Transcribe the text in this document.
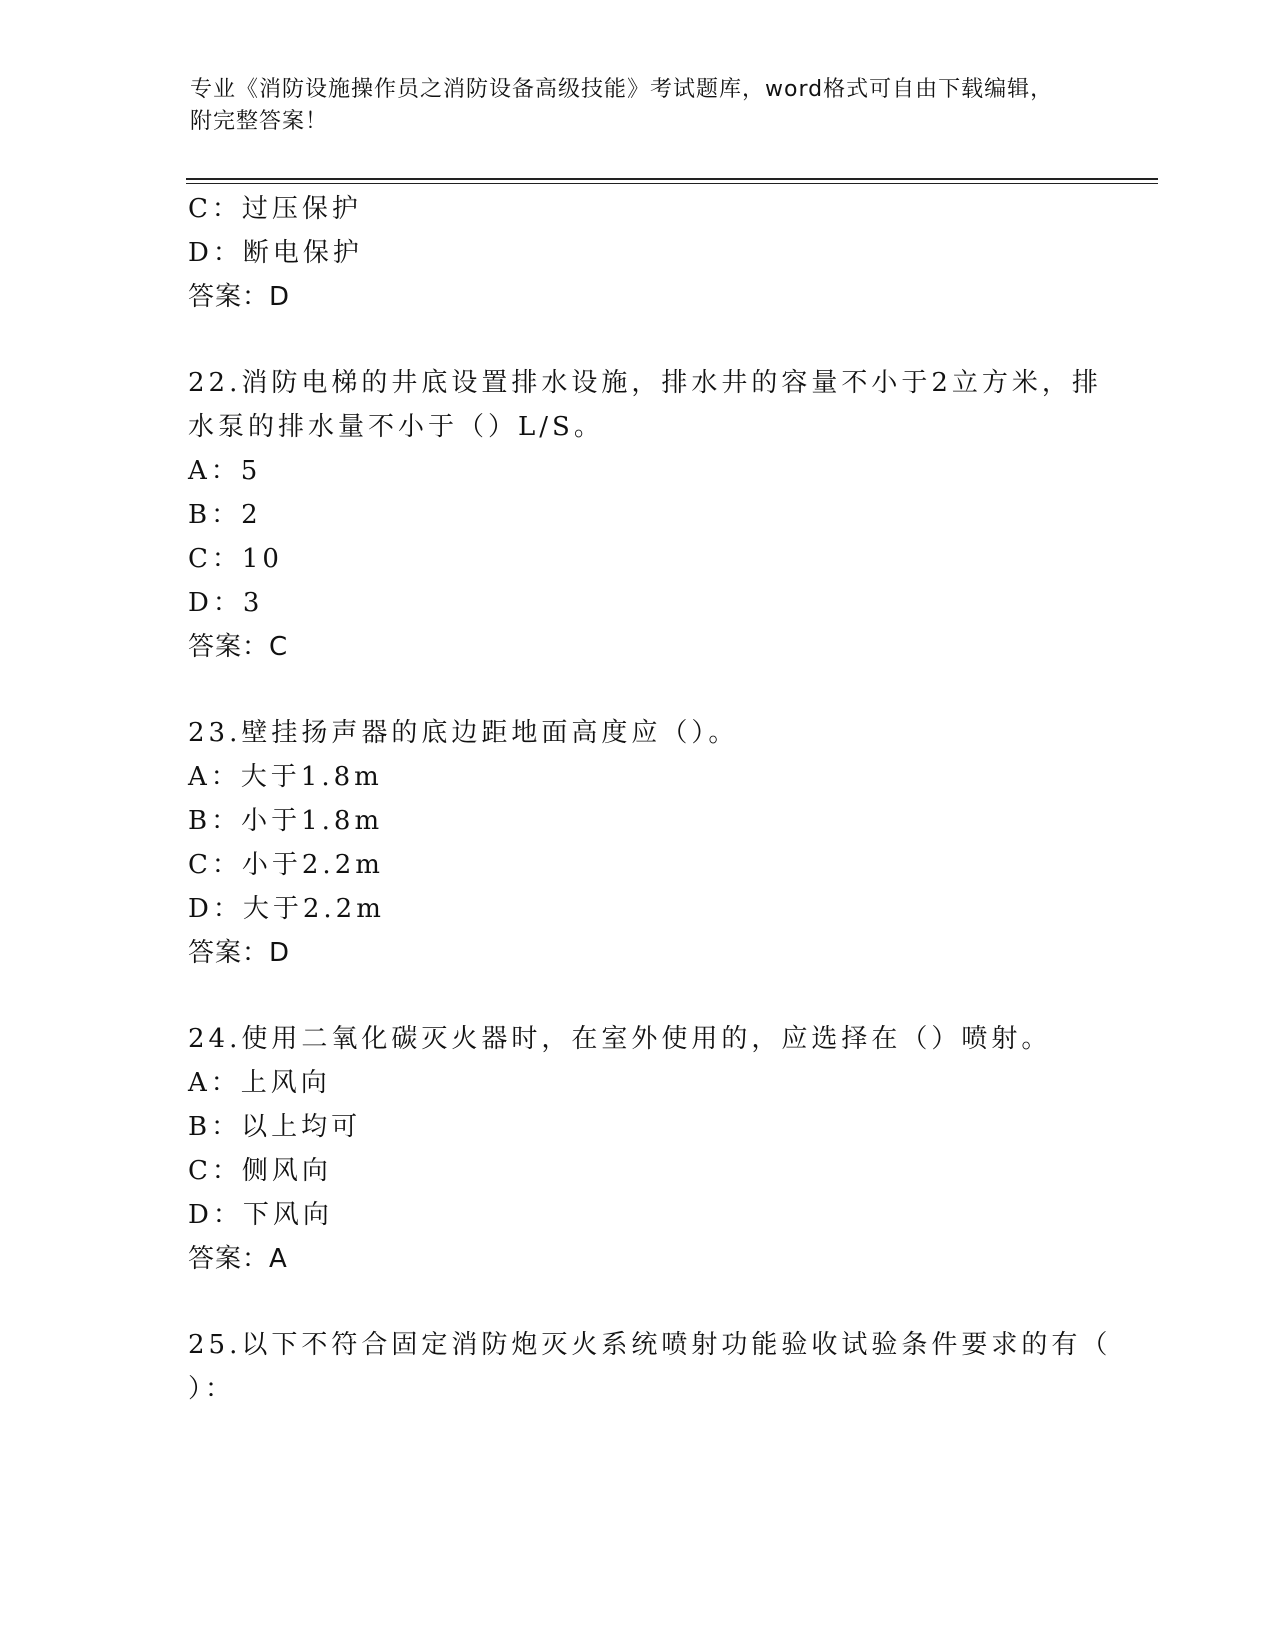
专业《消防设施操作员之消防设备高级技能》考试题库，word格式可自由下载编辑，附完整答案！
C：过压保护
D：断电保护
答案：D
22.消防电梯的井底设置排水设施，排水井的容量不小于2立方米，排
水泵的排水量不小于（）L/S。
A：5
B：2
C：10
D：3
答案：C
23.壁挂扬声器的底边距地面高度应（）。
A：大于1.8m
B：小于1.8m
C：小于2.2m
D：大于2.2m
答案：D
24.使用二氧化碳灭火器时，在室外使用的，应选择在（）喷射。
A：上风向
B：以上均可
C：侧风向
D：下风向
答案：A
25.以下不符合固定消防炮灭火系统喷射功能验收试验条件要求的有（
）：
